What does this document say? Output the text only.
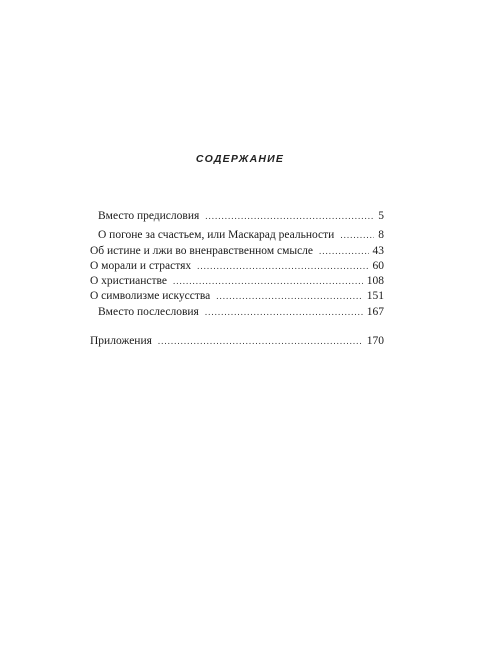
СОДЕРЖАНИЕ
Вместо предисловия .....	5
О погоне за счастьем, или Маскарад реальности .....	8
Об истине и лжи во вненравственном смысле .....	43
О морали и страстях .....	60
О христианстве .....	108
О символизме искусства .....	151
Вместо послесловия .....	167
Приложения .....	170
